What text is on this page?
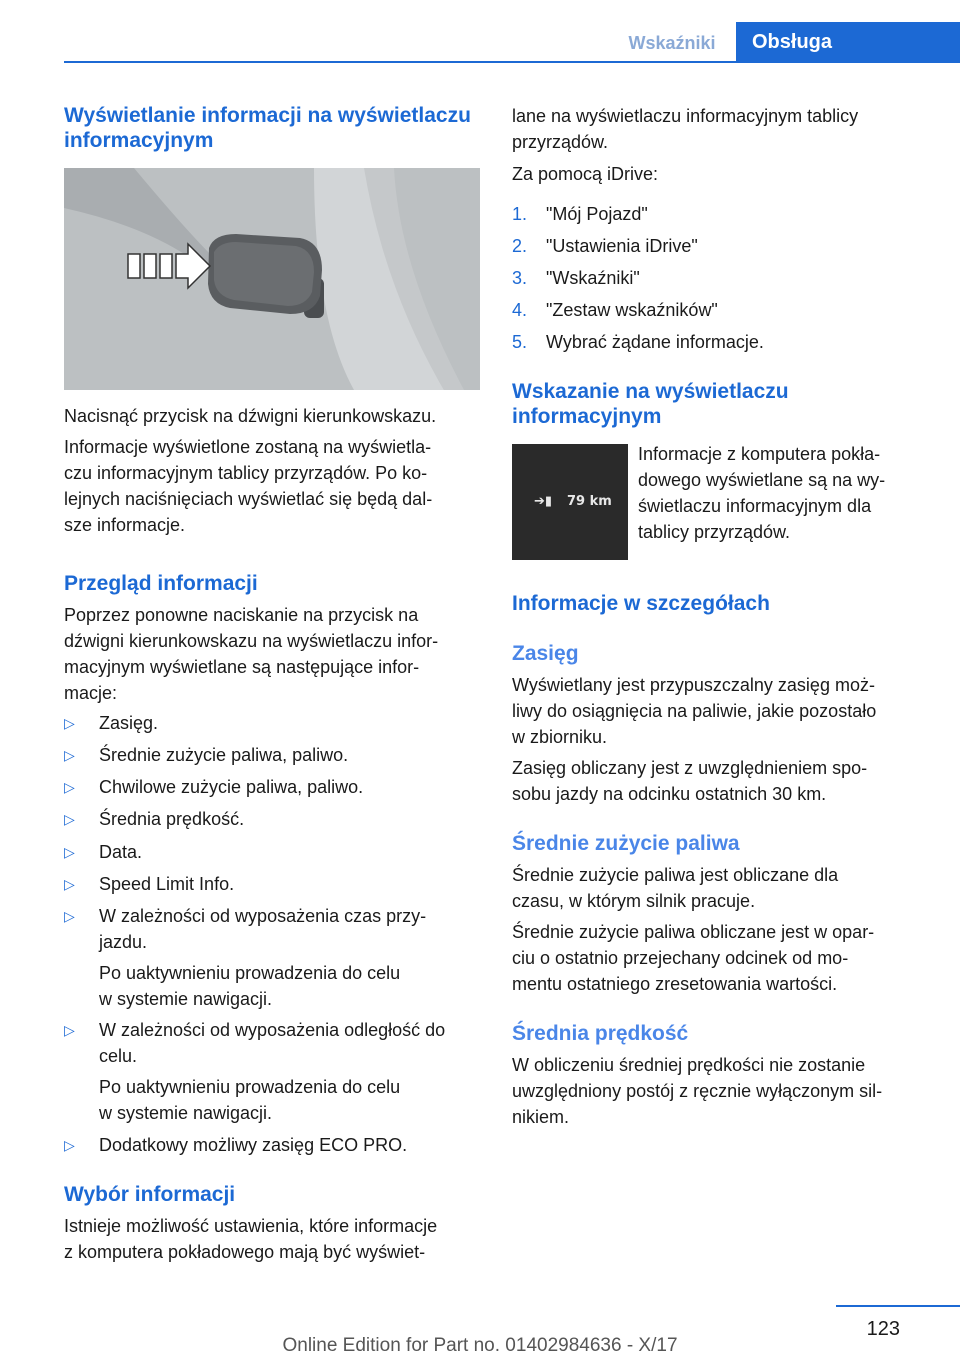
Wskaźniki	Obsługa
Wyświetlanie informacji na wyświetlaczu informacyjnym
Nacisnąć przycisk na dźwigni kierunkowskazu.
Informacje wyświetlone zostaną na wyświetla-
czu informacyjnym tablicy przyrządów. Po ko-
lejnych naciśnięciach wyświetlać się będą dal-
sze informacje.
Przegląd informacji
Poprzez ponowne naciskanie na przycisk na
dźwigni kierunkowskazu na wyświetlaczu infor-
macyjnym wyświetlane są następujące infor-
macje:
▷ Zasięg.
▷ Średnie zużycie paliwa, paliwo.
▷ Chwilowe zużycie paliwa, paliwo.
▷ Średnia prędkość.
▷ Data.
▷ Speed Limit Info.
▷ W zależności od wyposażenia czas przy-
jazdu.
Po uaktywnieniu prowadzenia do celu
w systemie nawigacji.
▷ W zależności od wyposażenia odległość do
celu.
Po uaktywnieniu prowadzenia do celu
w systemie nawigacji.
▷ Dodatkowy możliwy zasięg ECO PRO.
Wybór informacji
Istnieje możliwość ustawienia, które informacje
z komputera pokładowego mają być wyświet-
lane na wyświetlaczu informacyjnym tablicy
przyrządów.
Za pomocą iDrive:
1. "Mój Pojazd"
2. "Ustawienia iDrive"
3. "Wskaźniki"
4. "Zestaw wskaźników"
5. Wybrać żądane informacje.
Wskazanie na wyświetlaczu
informacyjnym
➔▮ 79 km
Informacje z komputera pokła-
dowego wyświetlane są na wy-
świetlaczu informacyjnym dla
tablicy przyrządów.
Informacje w szczegółach
Zasięg
Wyświetlany jest przypuszczalny zasięg moż-
liwy do osiągnięcia na paliwie, jakie pozostało
w zbiorniku.
Zasięg obliczany jest z uwzględnieniem spo-
sobu jazdy na odcinku ostatnich 30 km.
Średnie zużycie paliwa
Średnie zużycie paliwa jest obliczane dla
czasu, w którym silnik pracuje.
Średnie zużycie paliwa obliczane jest w opar-
ciu o ostatnio przejechany odcinek od mo-
mentu ostatniego zresetowania wartości.
Średnia prędkość
W obliczeniu średniej prędkości nie zostanie
uwzględniony postój z ręcznie wyłączonym sil-
nikiem.
123
Online Edition for Part no. 01402984636 - X/17
